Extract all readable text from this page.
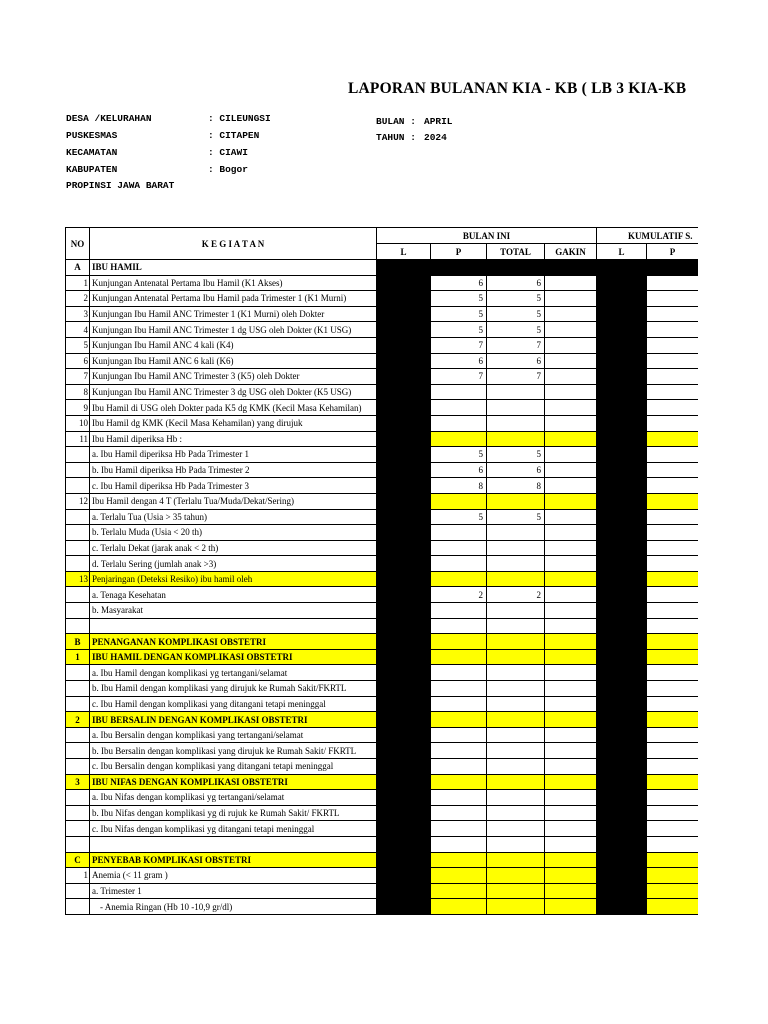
LAPORAN BULANAN KIA - KB ( LB 3 KIA-KB
DESA /KELURAHAN	: CILEUNGSI
PUSKESMAS	: CITAPEN
KECAMATAN	: CIAWI
KABUPATEN	: Bogor
PROPINSI JAWA BARAT
BULAN : APRIL
TAHUN : 2024
NO	K E G I A T A N	BULAN INI				KUMULATIF S.		
		L	P	TOTAL	GAKIN	L	P	
A	IBU HAMIL							
1	Kunjungan Antenatal Pertama Ibu Hamil (K1 Akses)		6	6				
2	Kunjungan Antenatal Pertama Ibu Hamil pada Trimester 1 (K1 Murni)		5	5				
3	Kunjungan Ibu Hamil ANC Trimester 1 (K1 Murni) oleh Dokter		5	5				
4	Kunjungan Ibu Hamil ANC Trimester 1 dg USG oleh Dokter (K1 USG)		5	5				
5	Kunjungan Ibu Hamil ANC 4 kali (K4)		7	7				
6	Kunjungan Ibu Hamil ANC 6 kali (K6)		6	6				
7	Kunjungan Ibu Hamil ANC Trimester 3 (K5) oleh Dokter		7	7				
8	Kunjungan Ibu Hamil ANC Trimester 3 dg USG oleh Dokter (K5 USG)							
9	Ibu Hamil di USG oleh Dokter pada K5 dg KMK (Kecil Masa Kehamilan)							
10	Ibu Hamil dg KMK (Kecil Masa Kehamilan) yang dirujuk							
11	Ibu Hamil diperiksa Hb :							
	a. Ibu Hamil diperiksa Hb Pada Trimester 1		5	5				
	b. Ibu Hamil diperiksa Hb Pada Trimester 2		6	6				
	c. Ibu Hamil diperiksa Hb Pada Trimester 3		8	8				
12	Ibu Hamil dengan 4 T (Terlalu Tua/Muda/Dekat/Sering)							
	a. Terlalu Tua (Usia > 35 tahun)		5	5				
	b. Terlalu Muda (Usia < 20 th)							
	c. Terlalu Dekat (jarak anak < 2 th)							
	d. Terlalu Sering (jumlah anak >3)							
13	Penjaringan (Deteksi Resiko) ibu hamil oleh							
	a. Tenaga Kesehatan		2	2				
	b. Masyarakat							

B	PENANGANAN KOMPLIKASI OBSTETRI							
1	IBU HAMIL DENGAN KOMPLIKASI OBSTETRI							
	a. Ibu Hamil dengan komplikasi yg tertangani/selamat							
	b. Ibu Hamil dengan komplikasi yang dirujuk ke Rumah Sakit/FKRTL							
	c. Ibu Hamil dengan komplikasi yang ditangani tetapi meninggal							
2	IBU BERSALIN DENGAN KOMPLIKASI OBSTETRI							
	a. Ibu Bersalin dengan komplikasi yang tertangani/selamat							
	b. Ibu Bersalin dengan komplikasi yang dirujuk ke Rumah Sakit/ FKRTL							
	c. Ibu Bersalin dengan komplikasi yang ditangani tetapi meninggal							
3	IBU NIFAS DENGAN KOMPLIKASI OBSTETRI							
	a. Ibu Nifas dengan komplikasi yg tertangani/selamat							
	b. Ibu Nifas dengan komplikasi yg di rujuk ke Rumah Sakit/ FKRTL							
	c. Ibu Nifas dengan komplikasi yg ditangani tetapi meninggal							

C	PENYEBAB KOMPLIKASI OBSTETRI							
1	Anemia (< 11 gram )							
	a. Trimester 1							
	- Anemia Ringan (Hb 10 -10,9 gr/dl)							
